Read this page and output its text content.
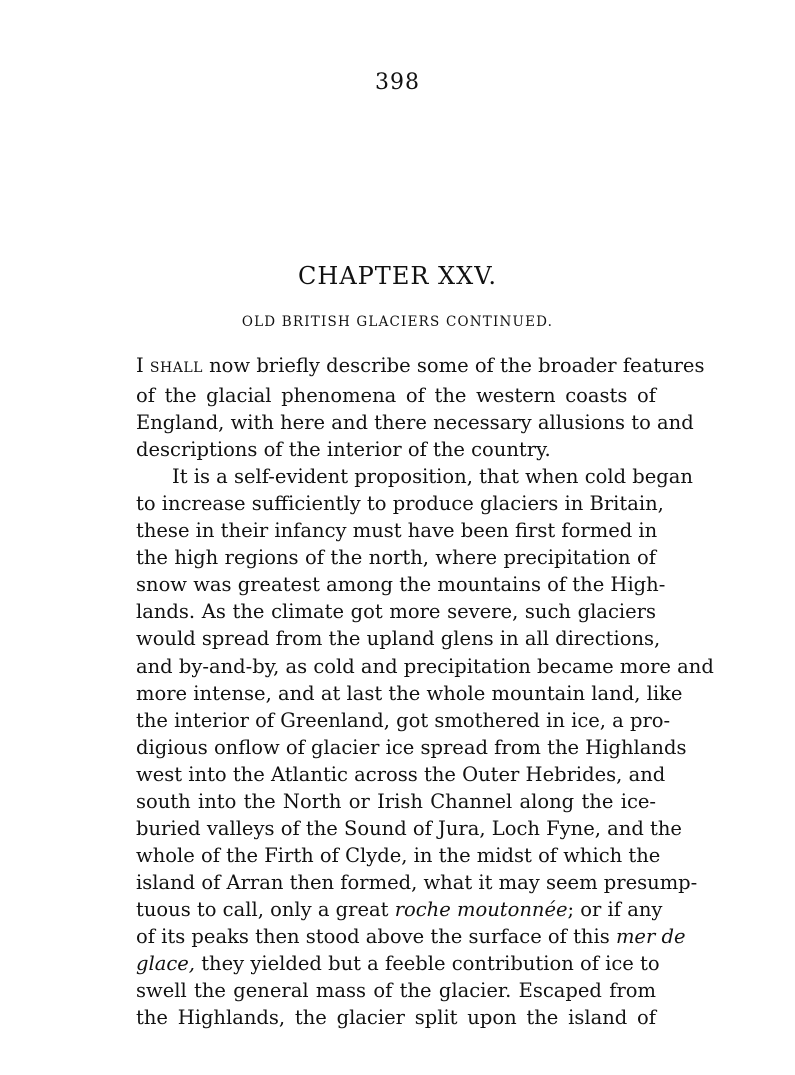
398
CHAPTER XXV.
OLD BRITISH GLACIERS CONTINUED.
I SHALL now briefly describe some of the broader features
of the glacial phenomena of the western coasts of
England, with here and there necessary allusions to and
descriptions of the interior of the country.
It is a self-evident proposition, that when cold began
to increase sufficiently to produce glaciers in Britain,
these in their infancy must have been first formed in
the high regions of the north, where precipitation of
snow was greatest among the mountains of the High-
lands. As the climate got more severe, such glaciers
would spread from the upland glens in all directions,
and by-and-by, as cold and precipitation became more and
more intense, and at last the whole mountain land, like
the interior of Greenland, got smothered in ice, a pro-
digious onflow of glacier ice spread from the Highlands
west into the Atlantic across the Outer Hebrides, and
south into the North or Irish Channel along the ice-
buried valleys of the Sound of Jura, Loch Fyne, and the
whole of the Firth of Clyde, in the midst of which the
island of Arran then formed, what it may seem presump-
tuous to call, only a great roche moutonnée; or if any
of its peaks then stood above the surface of this mer de
glace, they yielded but a feeble contribution of ice to
swell the general mass of the glacier. Escaped from
the Highlands, the glacier split upon the island of
